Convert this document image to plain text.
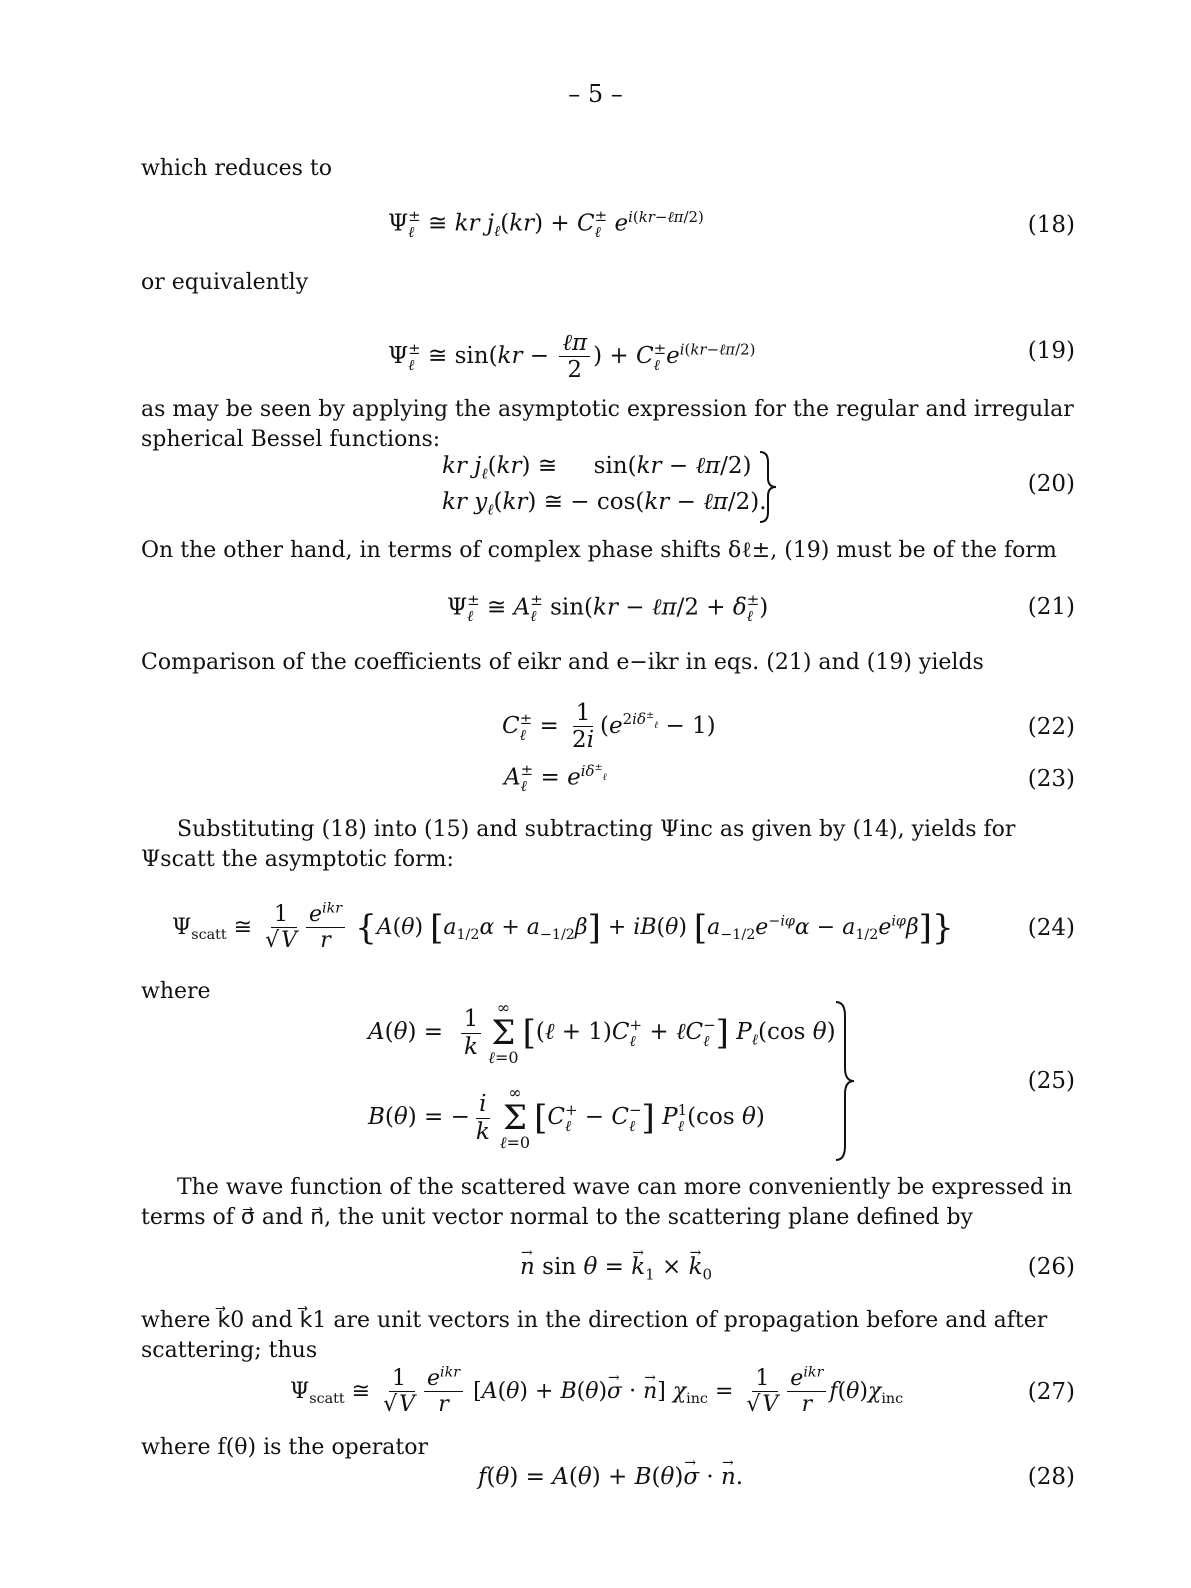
– 5 –
which reduces to
Ψ ±
ℓ ≅ kr $j_\ell(kr) + C$ ±
ℓ $e^{i(kr-\ell\pi/2)}$	(18)
or equivalently
Ψ ±
ℓ ≅ $\sin(kr - \frac{\text{ℓπ}}{2}$ ) + C ±
ℓ $e^{i(kr-\ell\pi/2)}$	(19)
as may be seen by applying the asymptotic expression for the regular and irregular spherical Bessel functions:
kr $j_\ell(kr)$ ≅     sin(kr − ℓπ/2)
kr $y_\ell(kr)$ ≅ − cos(kr − ℓπ/2).
(20)
On the other hand, in terms of complex phase shifts δℓ±, (19) must be of the form
Ψ ±
ℓ ≅ A ±
ℓ sin(kr − ℓπ/2 + δ ±
ℓ )	(21)
Comparison of the coefficients of eikr and e−ikr in eqs. (21) and (19) yields
C ±
ℓ = $\frac{1}{2i} (e^{2i\delta^\pm_\ell} - 1)$	(22)
A ±
ℓ = $e^{i\delta^\pm_\ell}$	(23)
Substituting (18) into (15) and subtracting Ψinc as given by (14), yields for Ψscatt the asymptotic form:
$\Psi_{scatt}$ ≅ $\frac{1}{√V} \frac{e^{ikr}}{r} \{A(\theta) [a_{1/2}\alpha + a_{-1/2}\beta] + iB(\theta) [a_{-1/2}e^{-i\varphi}\alpha - a_{1/2}e^{i\varphi}\beta]\}$	(24)
where
$A(\theta) = \frac{1}{k}$ ∞
Σ
ℓ=0
[(ℓ + 1)C +
ℓ + ℓC −
ℓ ] $P_\ell(\cos$ θ)
B(θ) = − $\frac{i}{k}$ ∞
Σ
ℓ=0
[C +
ℓ − C −
ℓ ] P 1
ℓ (cos θ)
(25)
The wave function of the scattered wave can more conveniently be expressed in terms of σ⃗ and n⃗, the unit vector normal to the scattering plane defined by
→ n sin θ = → $k_1$ × → $k_0$	(26)
where k⃗0 and k⃗1 are unit vectors in the direction of propagation before and after scattering; thus
$\Psi_{scatt}$ ≅ $\frac{1}{√V} \frac{e^{ikr}}{r} [A(\theta) + B(\theta)\to \sigma$ · → n] $\chi_{inc} = \frac{1}{√V} \frac{e^{ikr}}{r} f(\theta)\chi_{inc}$	(27)
where f(θ) is the operator
f(θ) = A(θ) + B(θ)→ σ · → n.	(28)
